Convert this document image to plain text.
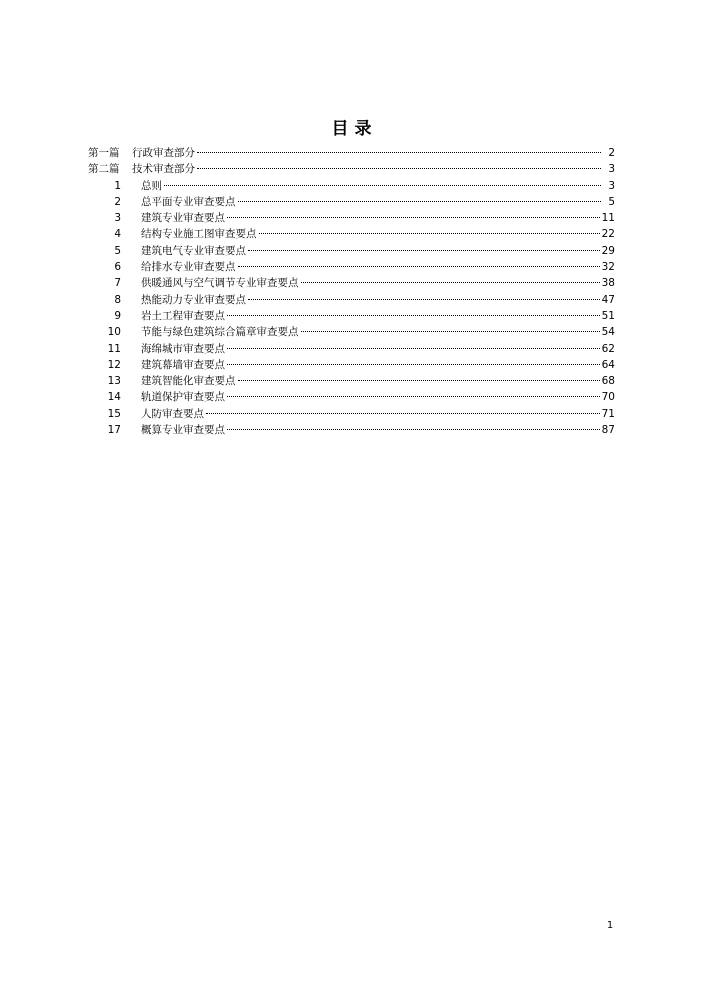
目 录
第一篇	行政审查部分	2
第二篇	技术审查部分	3
1 总则	3
2 总平面专业审查要点	5
3 建筑专业审查要点	11
4 结构专业施工图审查要点	22
5 建筑电气专业审查要点	29
6 给排水专业审查要点	32
7 供暖通风与空气调节专业审查要点	38
8 热能动力专业审查要点	47
9 岩土工程审查要点	51
10 节能与绿色建筑综合篇章审查要点	54
11 海绵城市审查要点	62
12 建筑幕墙审查要点	64
13 建筑智能化审查要点	68
14 轨道保护审查要点	70
15 人防审查要点	71
17 概算专业审查要点	87
1
